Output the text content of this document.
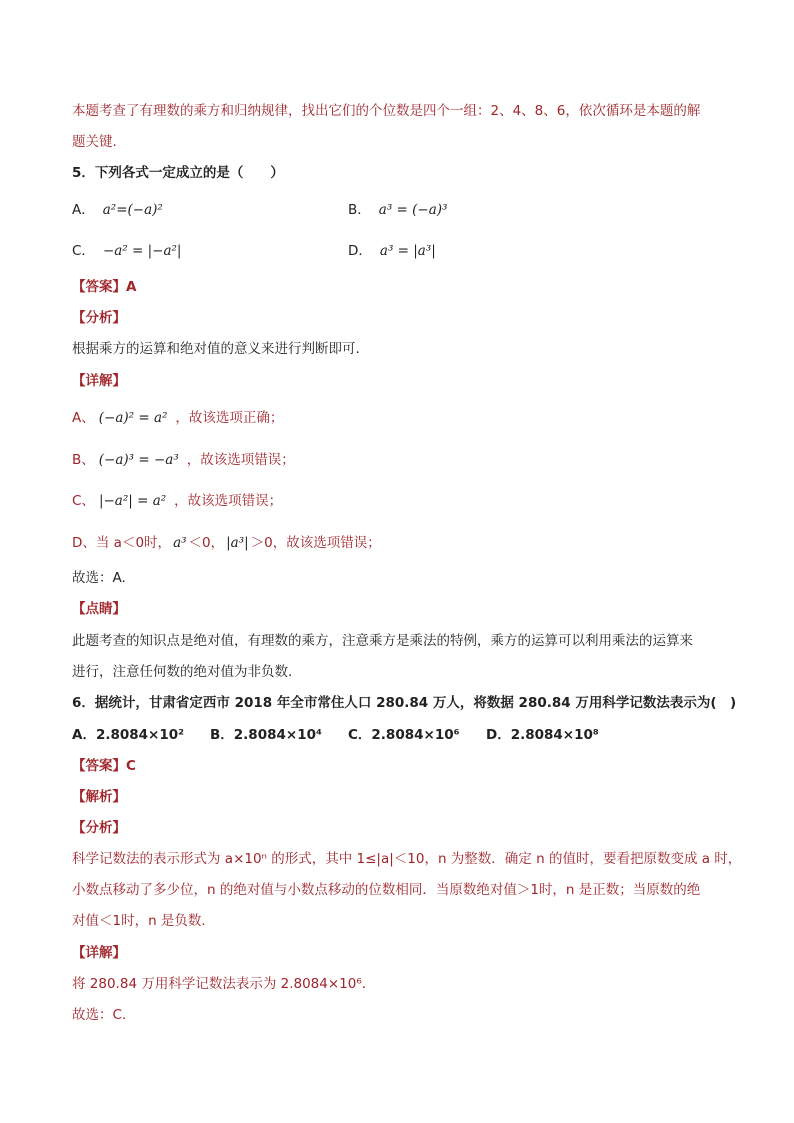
本题考查了有理数的乘方和归纳规律，找出它们的个位数是四个一组：2、4、8、6，依次循环是本题的解
题关键.
5．下列各式一定成立的是（　　）
A． a²=(−a)²	B． a³ = (−a)³
C． −a² = |−a²|	D． a³ = |a³|
【答案】A
【分析】
根据乘方的运算和绝对值的意义来进行判断即可.
【详解】
A、 (−a)² = a² ，故该选项正确；
B、 (−a)³ = −a³ ，故该选项错误；
C、 |−a²| = a² ，故该选项错误；
D、当 a＜0时， a³ ＜0， |a³| ＞0，故该选项错误；
故选：A.
【点睛】
此题考查的知识点是绝对值，有理数的乘方，注意乘方是乘法的特例，乘方的运算可以利用乘法的运算来
进行，注意任何数的绝对值为非负数.
6．据统计，甘肃省定西市 2018 年全市常住人口 280.84 万人，将数据 280.84 万用科学记数法表示为(　)
A．2.8084×10² B．2.8084×10⁴ C．2.8084×10⁶ D．2.8084×10⁸
【答案】C
【解析】
【分析】
科学记数法的表示形式为 a×10ⁿ 的形式，其中 1≤|a|＜10，n 为整数．确定 n 的值时，要看把原数变成 a 时，
小数点移动了多少位，n 的绝对值与小数点移动的位数相同．当原数绝对值＞1时，n 是正数；当原数的绝
对值＜1时，n 是负数．
【详解】
将 280.84 万用科学记数法表示为 2.8084×10⁶．
故选：C.
